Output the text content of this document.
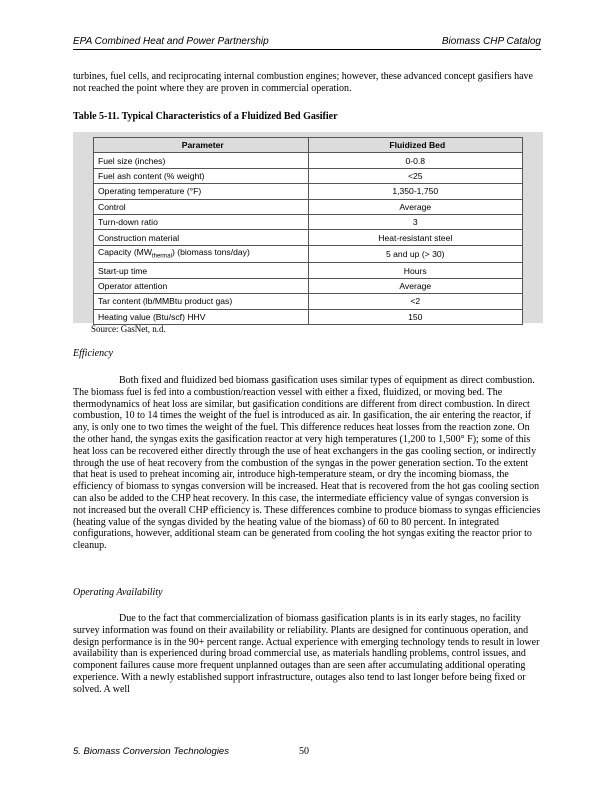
EPA Combined Heat and Power Partnership	Biomass CHP Catalog
turbines, fuel cells, and reciprocating internal combustion engines; however, these advanced concept gasifiers have not reached the point where they are proven in commercial operation.
Table 5-11. Typical Characteristics of a Fluidized Bed Gasifier
Parameter	Fluidized Bed
Fuel size (inches)	0-0.8
Fuel ash content (% weight)	<25
Operating temperature (°F)	1,350-1,750
Control	Average
Turn-down ratio	3
Construction material	Heat-resistant steel
Capacity $(MW_{thermal})$ (biomass tons/day)	5 and up (> 30)
Start-up time	Hours
Operator attention	Average
Tar content (lb/MMBtu product gas)	<2
Heating value (Btu/scf) HHV	150
Source: GasNet, n.d.
Efficiency
Both fixed and fluidized bed biomass gasification uses similar types of equipment as direct combustion. The biomass fuel is fed into a combustion/reaction vessel with either a fixed, fluidized, or moving bed. The thermodynamics of heat loss are similar, but gasification conditions are different from direct combustion. In direct combustion, 10 to 14 times the weight of the fuel is introduced as air. In gasification, the air entering the reactor, if any, is only one to two times the weight of the fuel. This difference reduces heat losses from the reaction zone. On the other hand, the syngas exits the gasification reactor at very high temperatures (1,200 to 1,500° F); some of this heat loss can be recovered either directly through the use of heat exchangers in the gas cooling section, or indirectly through the use of heat recovery from the combustion of the syngas in the power generation section. To the extent that heat is used to preheat incoming air, introduce high-temperature steam, or dry the incoming biomass, the efficiency of biomass to syngas conversion will be increased. Heat that is recovered from the hot gas cooling section can also be added to the CHP heat recovery. In this case, the intermediate efficiency value of syngas conversion is not increased but the overall CHP efficiency is. These differences combine to produce biomass to syngas efficiencies (heating value of the syngas divided by the heating value of the biomass) of 60 to 80 percent. In integrated configurations, however, additional steam can be generated from cooling the hot syngas exiting the reactor prior to cleanup.
Operating Availability
Due to the fact that commercialization of biomass gasification plants is in its early stages, no facility survey information was found on their availability or reliability. Plants are designed for continuous operation, and design performance is in the 90+ percent range. Actual experience with emerging technology tends to result in lower availability than is experienced during broad commercial use, as materials handling problems, control issues, and component failures cause more frequent unplanned outages than are seen after accumulating additional operating experience. With a newly established support infrastructure, outages also tend to last longer before being fixed or solved. A well
5. Biomass Conversion Technologies	50
